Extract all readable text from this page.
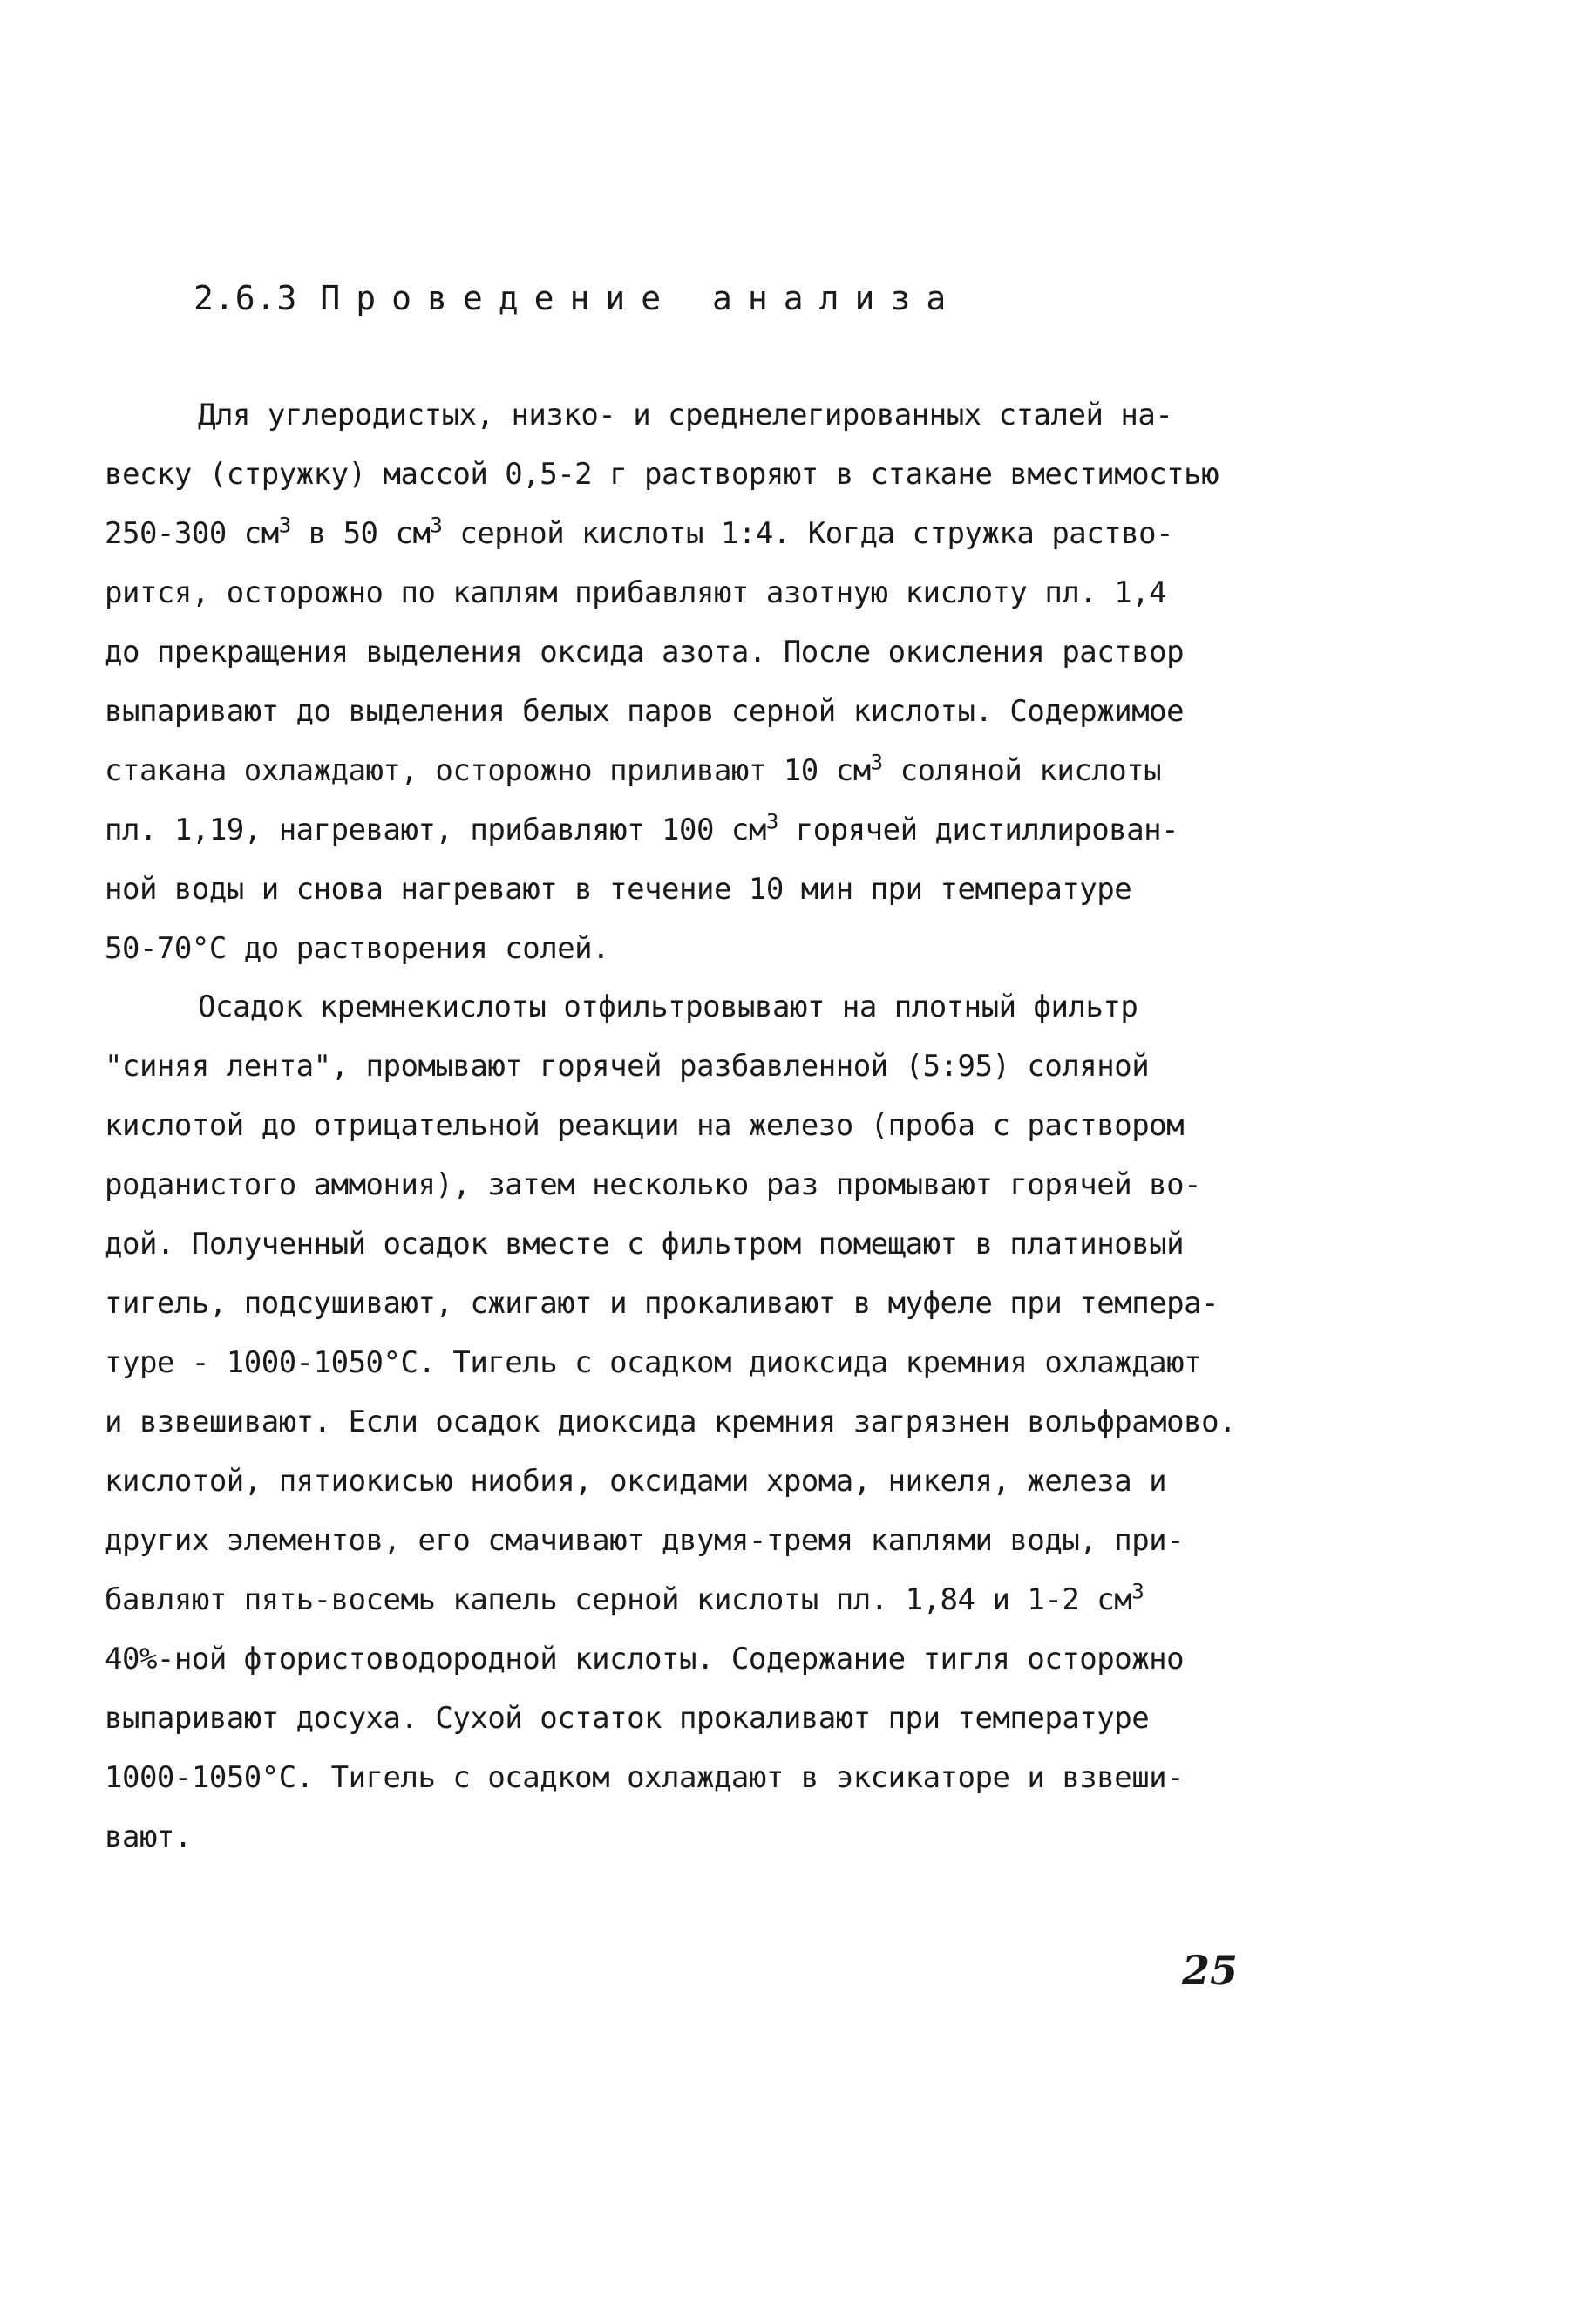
2.6.3 Проведение анализа
Для углеродистых, низко- и среднелегированных сталей на-
веску (стружку) массой 0,5-2 г растворяют в стакане вместимостью
250-300 $см^3$ в 50 $см^3$ серной кислоты 1:4. Когда стружка раство-
рится, осторожно по каплям прибавляют азотную кислоту пл. 1,4
до прекращения выделения оксида азота. После окисления раствор
выпаривают до выделения белых паров серной кислоты. Содержимое
стакана охлаждают, осторожно приливают 10 $см^3$ соляной кислоты
пл. 1,19, нагревают, прибавляют 100 $см^3$ горячей дистиллирован-
ной воды и снова нагревают в течение 10 мин при температуре
50-70°С до растворения солей.
Осадок кремнекислоты отфильтровывают на плотный фильтр
"синяя лента", промывают горячей разбавленной (5:95) соляной
кислотой до отрицательной реакции на железо (проба с раствором
роданистого аммония), затем несколько раз промывают горячей во-
дой. Полученный осадок вместе с фильтром помещают в платиновый
тигель, подсушивают, сжигают и прокаливают в муфеле при темпера-
туре - 1000-1050°С. Тигель с осадком диоксида кремния охлаждают
и взвешивают. Если осадок диоксида кремния загрязнен вольфрамово.
кислотой, пятиокисью ниобия, оксидами хрома, никеля, железа и
других элементов, его смачивают двумя-тремя каплями воды, при-
бавляют пять-восемь капель серной кислоты пл. 1,84 и 1-2 $см^3$
40%-ной фтористоводородной кислоты. Содержание тигля осторожно
выпаривают досуха. Сухой остаток прокаливают при температуре
1000-1050°С. Тигель с осадком охлаждают в эксикаторе и взвеши-
вают.
25
